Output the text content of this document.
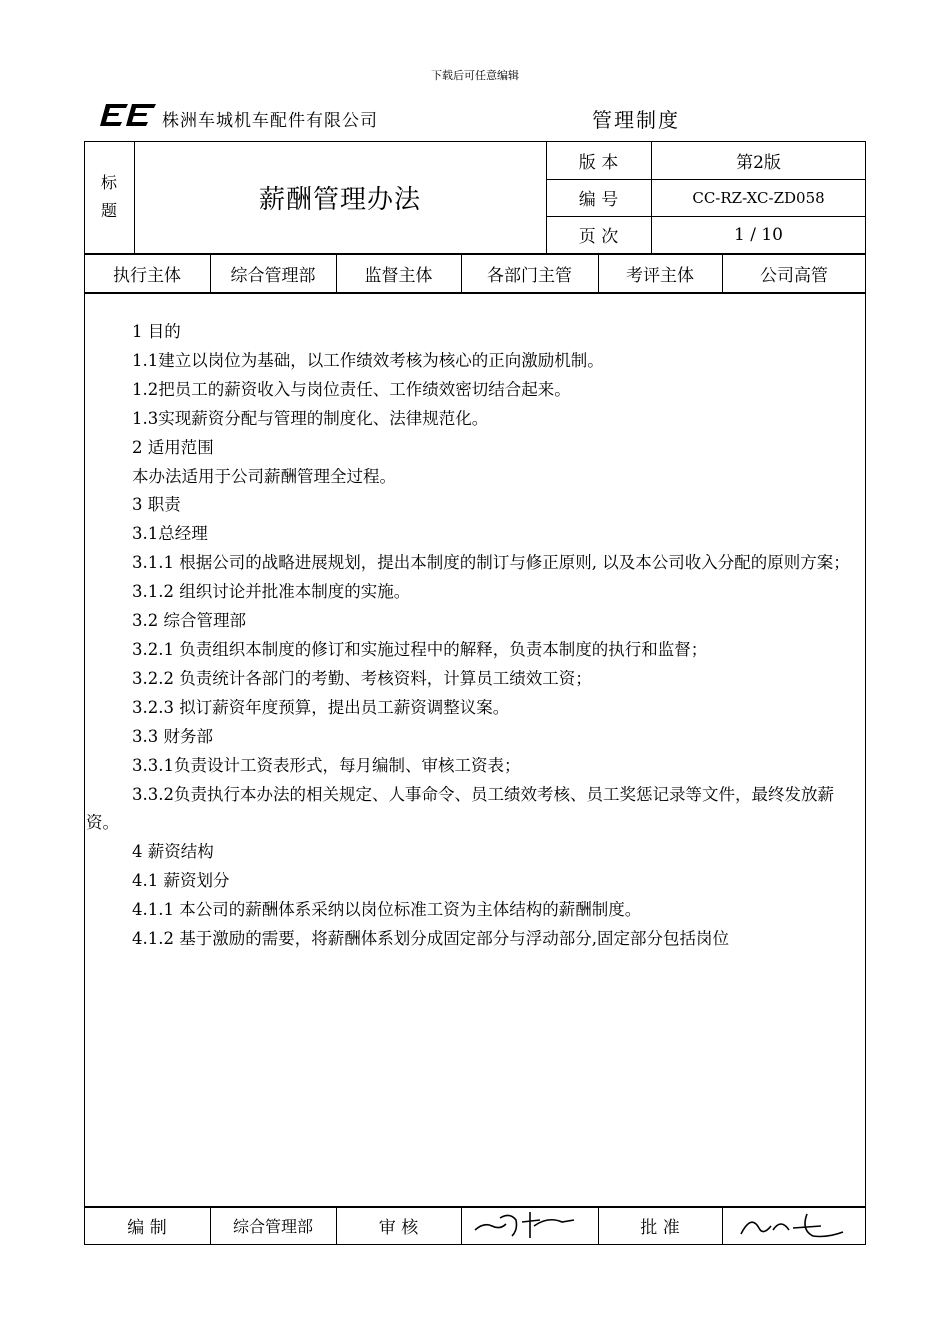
下载后可任意编辑
株洲车城机车配件有限公司	管理制度
标
题	薪酬管理办法
版 本	第2版
编 号	CC-RZ-XC-ZD058
页 次	1 / 10
执行主体	综合管理部	监督主体	各部门主管	考评主体	公司高管

1 目的

1.1建立以岗位为基础，以工作绩效考核为核心的正向激励机制。

1.2把员工的薪资收入与岗位责任、工作绩效密切结合起来。

1.3实现薪资分配与管理的制度化、法律规范化。

2 适用范围

本办法适用于公司薪酬管理全过程。

3 职责

3.1总经理

3.1.1 根据公司的战略进展规划，提出本制度的制订与修正原则, 以及本公司收入分配的原则方案；

3.1.2 组织讨论并批准本制度的实施。

3.2 综合管理部

3.2.1 负责组织本制度的修订和实施过程中的解释，负责本制度的执行和监督；

3.2.2 负责统计各部门的考勤、考核资料，计算员工绩效工资；

3.2.3 拟订薪资年度预算，提出员工薪资调整议案。

3.3 财务部

3.3.1负责设计工资表形式，每月编制、审核工资表；

3.3.2负责执行本办法的相关规定、人事命令、员工绩效考核、员工奖惩记录等文件，最终发放薪资。

4 薪资结构

4.1 薪资划分

4.1.1 本公司的薪酬体系采纳以岗位标准工资为主体结构的薪酬制度。

4.1.2 基于激励的需要，将薪酬体系划分成固定部分与浮动部分,固定部分包括岗位

编 制	综合管理部	审 核	批 准
